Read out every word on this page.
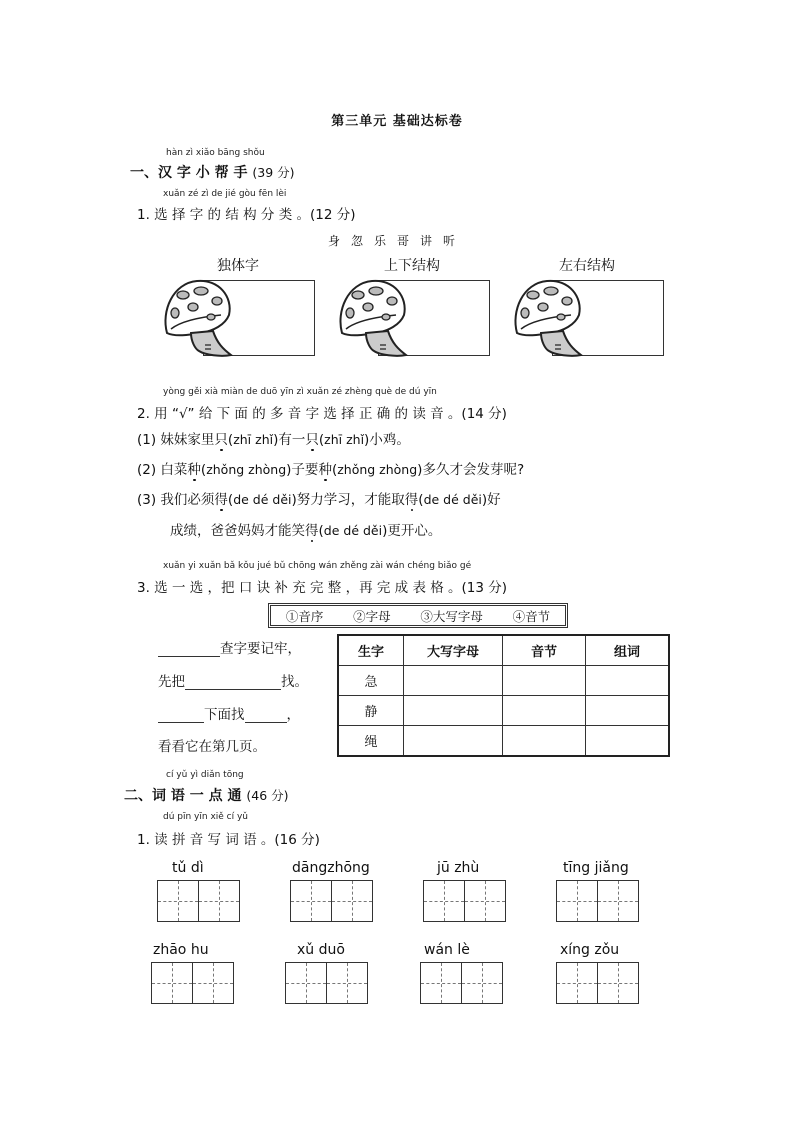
第三单元 基础达标卷
hàn zì xiǎo bāng shǒu
一、汉 字 小 帮 手 (39 分)
xuǎn zé zì de jié gòu fēn lèi
1. 选 择 字 的 结 构 分 类 。(12 分)
身忽乐哥讲听
独体字	上下结构	左右结构
yòng gěi xià miàn de duō yīn zì xuǎn zé zhèng què de dú yīn
2. 用 “√” 给 下 面 的 多 音 字 选 择 正 确 的 读 音 。(14 分)
(1) 妹妹家里只(zhī zhǐ)有一只(zhī zhǐ)小鸡。
(2) 白菜种(zhǒng zhòng)子要种(zhǒng zhòng)多久才会发芽呢?
(3) 我们必须得(de dé děi)努力学习，才能取得(de dé děi)好
成绩，爸爸妈妈才能笑得(de dé děi)更开心。
xuǎn yi xuǎn bǎ kǒu jué bǔ chōng wán zhěng zài wán chéng biǎo gé
3. 选 一 选 ，把 口 诀 补 充 完 整 ，再 完 成 表 格 。(13 分)
①音序 ②字母 ③大写字母 ④音节
查字要记牢，
先把	找。
下面找	，
看看它在第几页。
生字	大写字母	音节	组词
急			
静			
绳			
cí yǔ yì diǎn tōng
二、词 语 一 点 通 (46 分)
dú pīn yīn xiě cí yǔ
1. 读 拼 音 写 词 语 。(16 分)
tǔ dì	dāngzhōng	jū zhù	tīng jiǎng
zhāo hu	xǔ duō	wán lè	xíng zǒu
